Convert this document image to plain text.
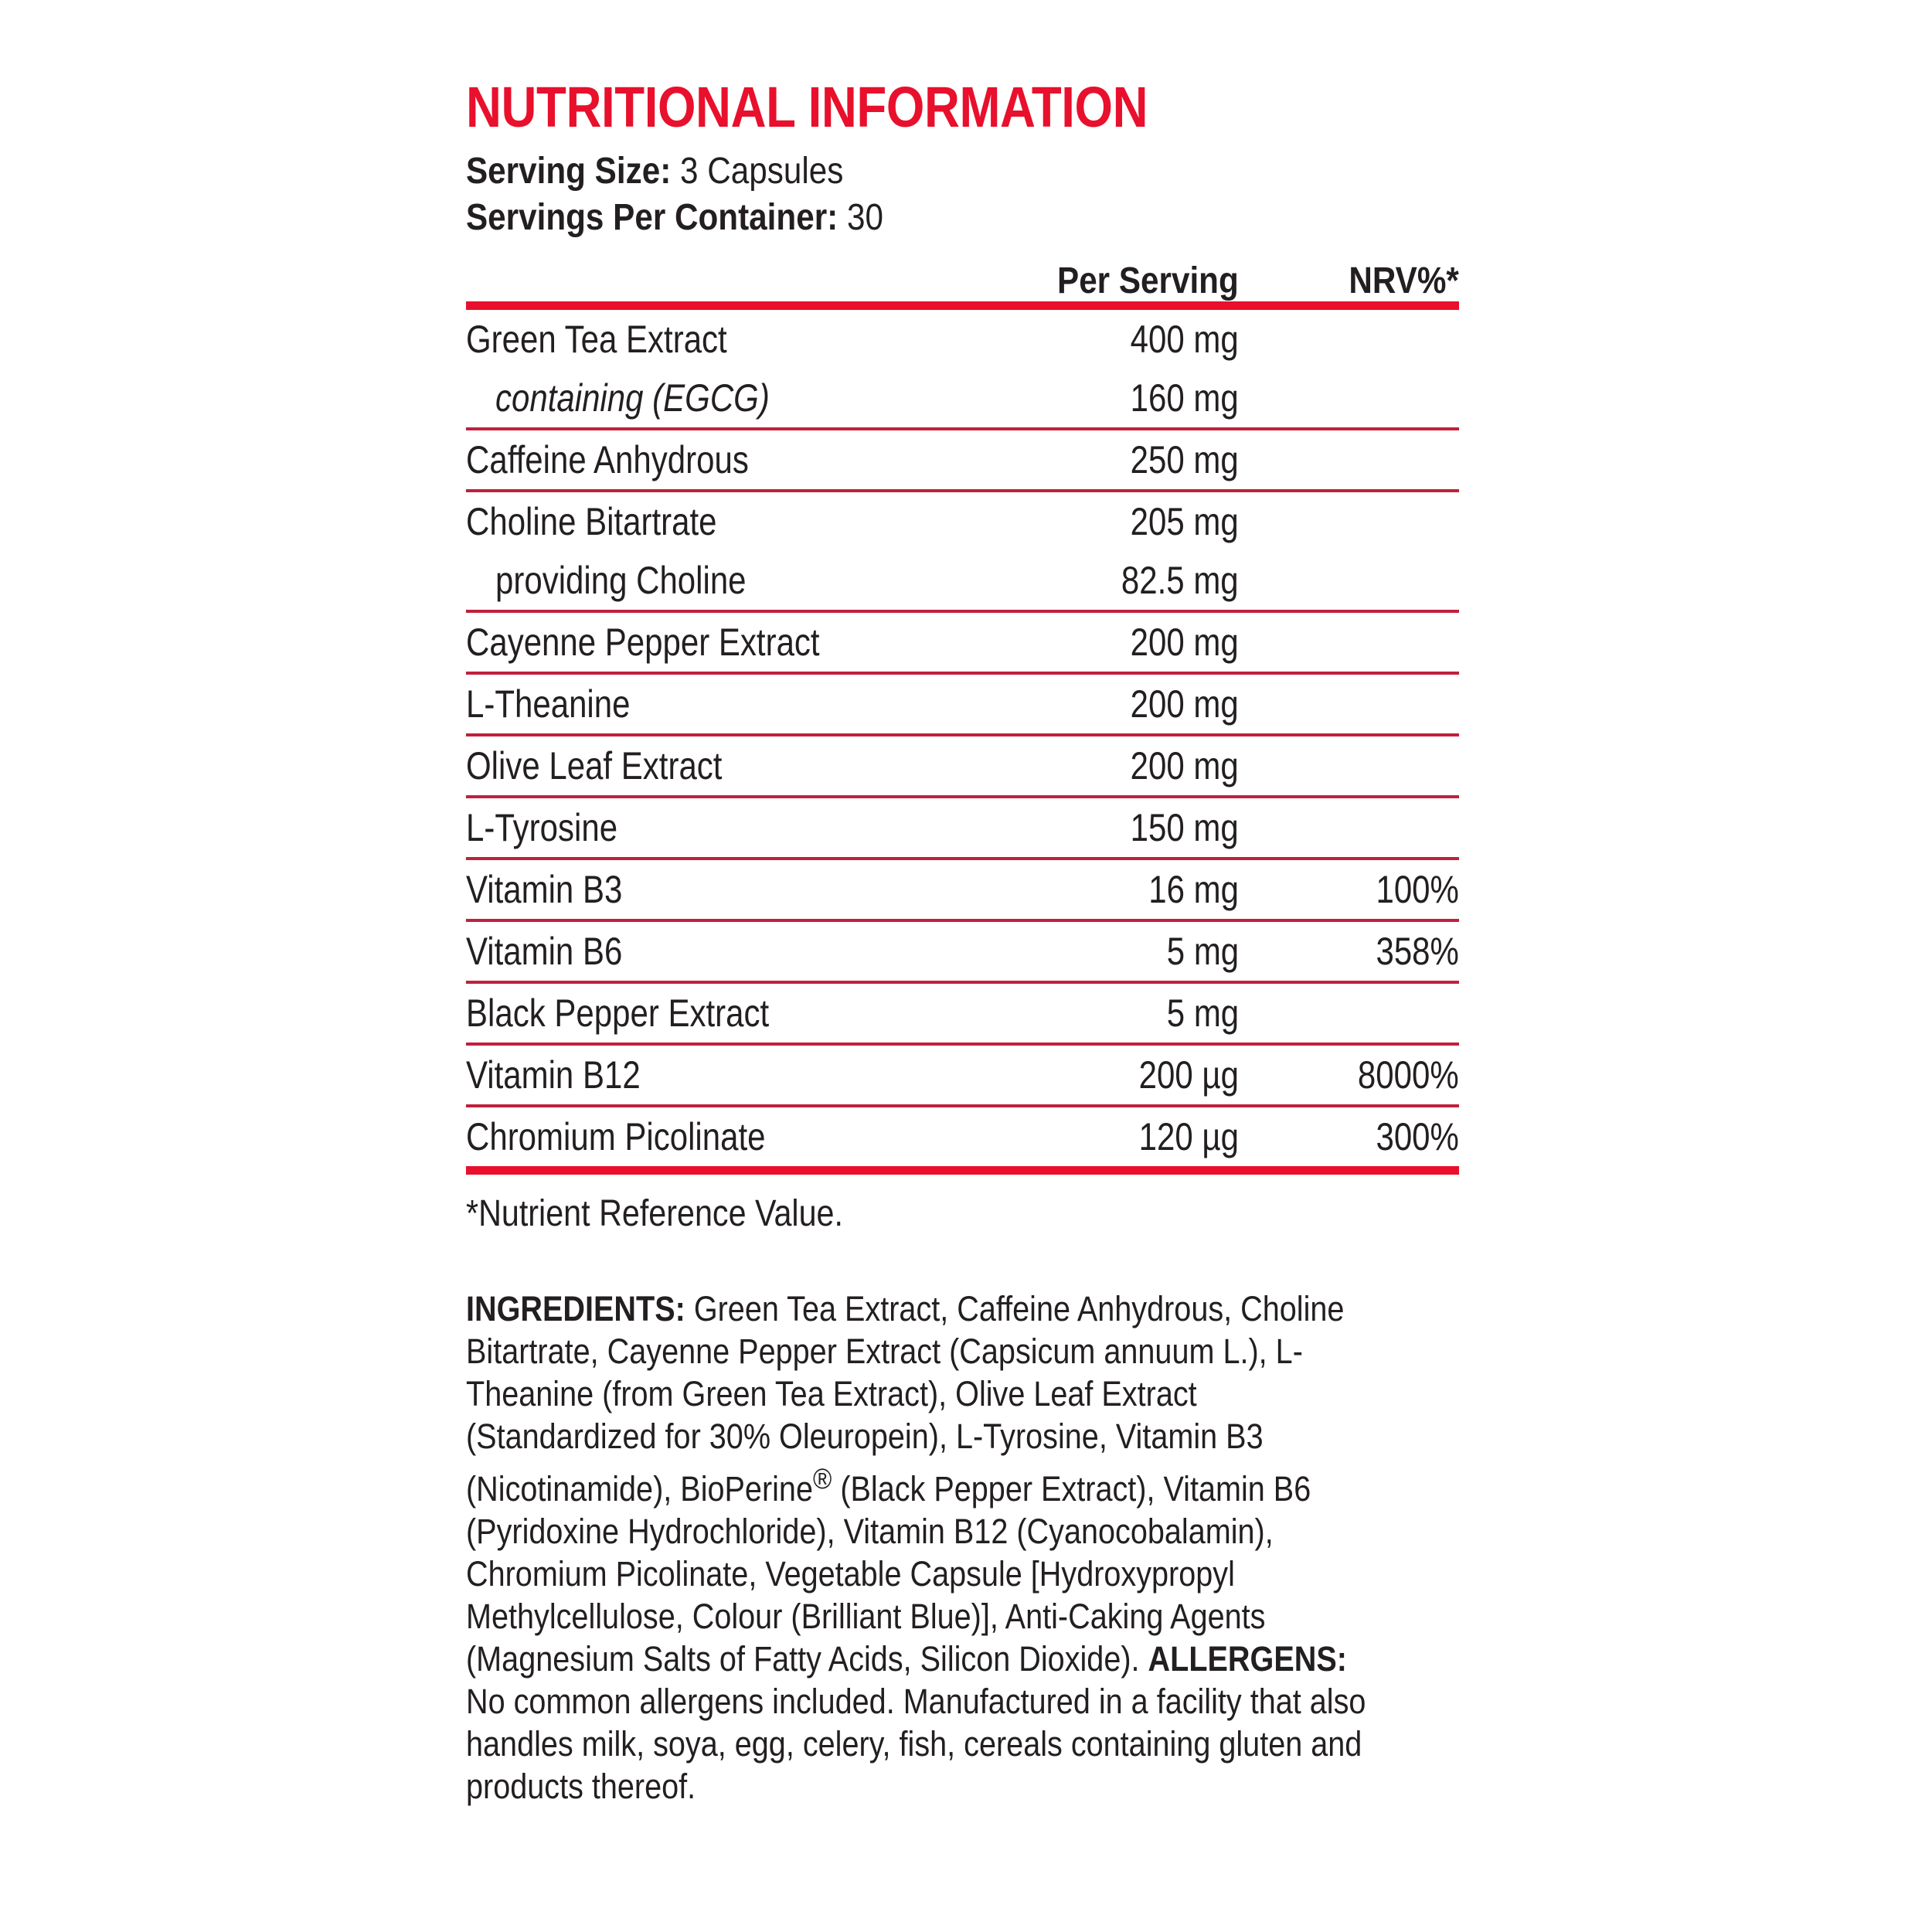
NUTRITIONAL INFORMATION
Serving Size: 3 Capsules
Servings Per Container: 30
Per Serving	NRV%*
Green Tea Extract	400 mg
containing (EGCG)	160 mg
Caffeine Anhydrous	250 mg
Choline Bitartrate	205 mg
providing Choline	82.5 mg
Cayenne Pepper Extract	200 mg
L-Theanine	200 mg
Olive Leaf Extract	200 mg
L-Tyrosine	150 mg
Vitamin B3	16 mg	100%
Vitamin B6	5 mg	358%
Black Pepper Extract	5 mg
Vitamin B12	200 µg	8000%
Chromium Picolinate	120 µg	300%
*Nutrient Reference Value.
INGREDIENTS: Green Tea Extract, Caffeine Anhydrous, Choline Bitartrate, Cayenne Pepper Extract (Capsicum annuum L.), L-Theanine (from Green Tea Extract), Olive Leaf Extract (Standardized for 30% Oleuropein), L-Tyrosine, Vitamin B3 (Nicotinamide), BioPerine® (Black Pepper Extract), Vitamin B6 (Pyridoxine Hydrochloride), Vitamin B12 (Cyanocobalamin), Chromium Picolinate, Vegetable Capsule [Hydroxypropyl Methylcellulose, Colour (Brilliant Blue)], Anti-Caking Agents (Magnesium Salts of Fatty Acids, Silicon Dioxide). ALLERGENS: No common allergens included. Manufactured in a facility that also handles milk, soya, egg, celery, fish, cereals containing gluten and products thereof.
